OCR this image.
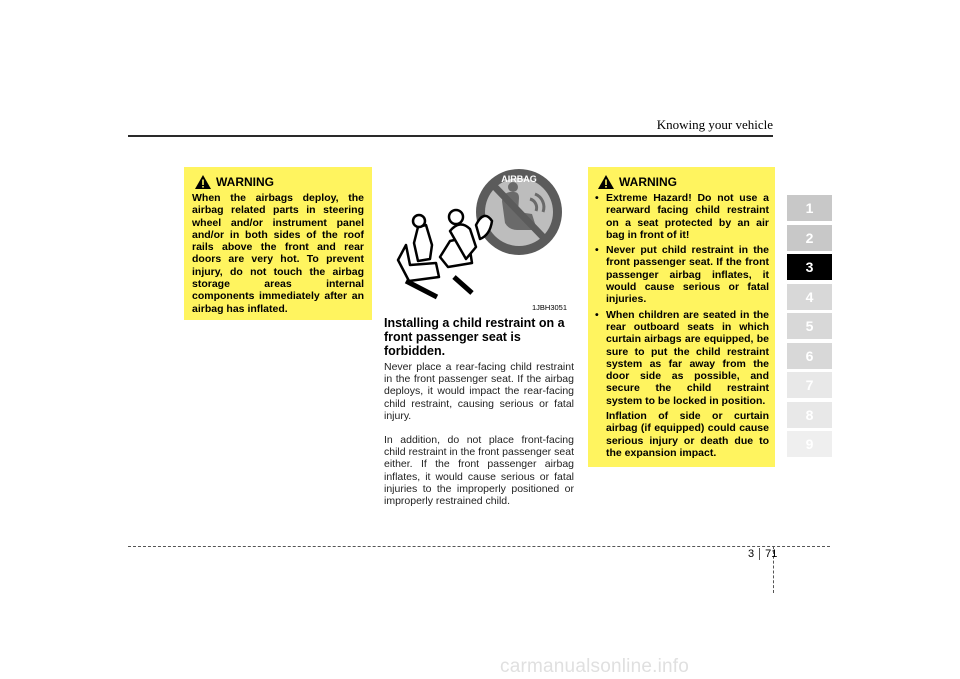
Knowing your vehicle
WARNING
When the airbags deploy, the airbag related parts in steering wheel and/or instrument panel and/or in both sides of the roof rails above the front and rear doors are very hot. To prevent injury, do not touch the airbag storage areas internal components immediately after an airbag has inflated.
AIRBAG
1JBH3051
Installing a child restraint on a front passenger seat is forbidden.

Never place a rear-facing child restraint in the front passenger seat. If the airbag deploys, it would impact the rear-facing child restraint, causing serious or fatal injury.

In addition, do not place front-facing child restraint in the front passenger seat either. If the front passenger airbag inflates, it would cause serious or fatal injuries to the improperly positioned or improperly restrained child.

WARNING
• Extreme Hazard! Do not use a rearward facing child restraint on a seat protected by an air bag in front of it!
• Never put child restraint in the front passenger seat. If the front passenger airbag inflates, it would cause serious or fatal injuries.

• When children are seated in the rear outboard seats in which curtain airbags are equipped, be sure to put the child restraint system as far away from the door side as possible, and secure the child restraint system to be locked in position.

Inflation of side or curtain airbag (if equipped) could cause serious injury or death due to the expansion impact.

1
2
3
4
5
6
7
8
9
3 71
carmanualsonline.info
